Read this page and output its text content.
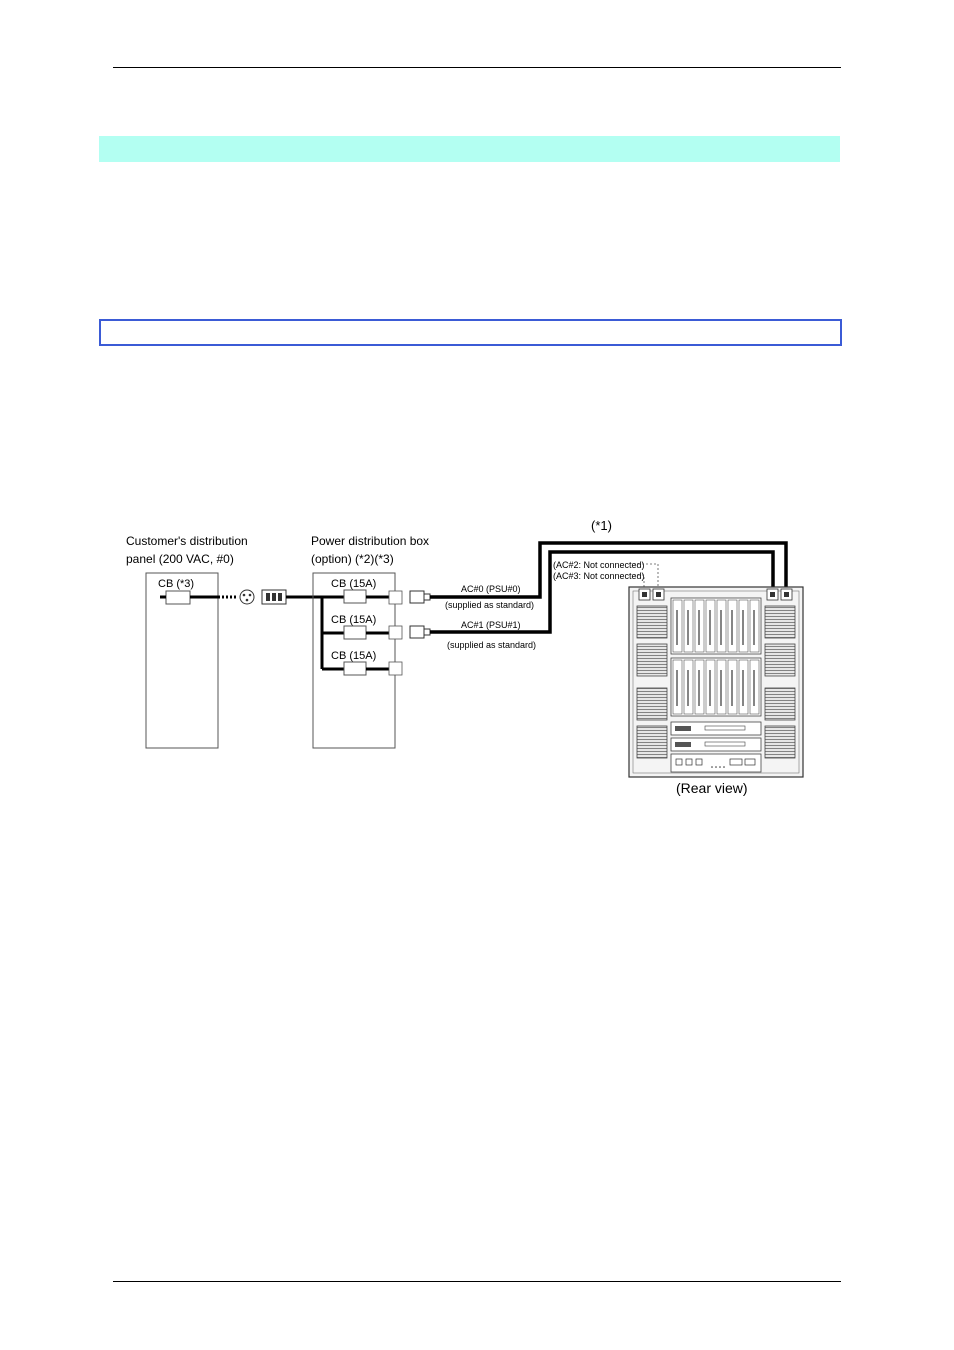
Customer's distribution
panel (200 VAC, #0)
CB (*3)
Power distribution box
(option) (*2)(*3)
CB (15A)
CB (15A)
CB (15A)
(*1)
AC#0 (PSU#0)
(supplied as standard)
AC#1 (PSU#1)
(supplied as standard)
(AC#2: Not connected)
(AC#3: Not connected)
(Rear view)
